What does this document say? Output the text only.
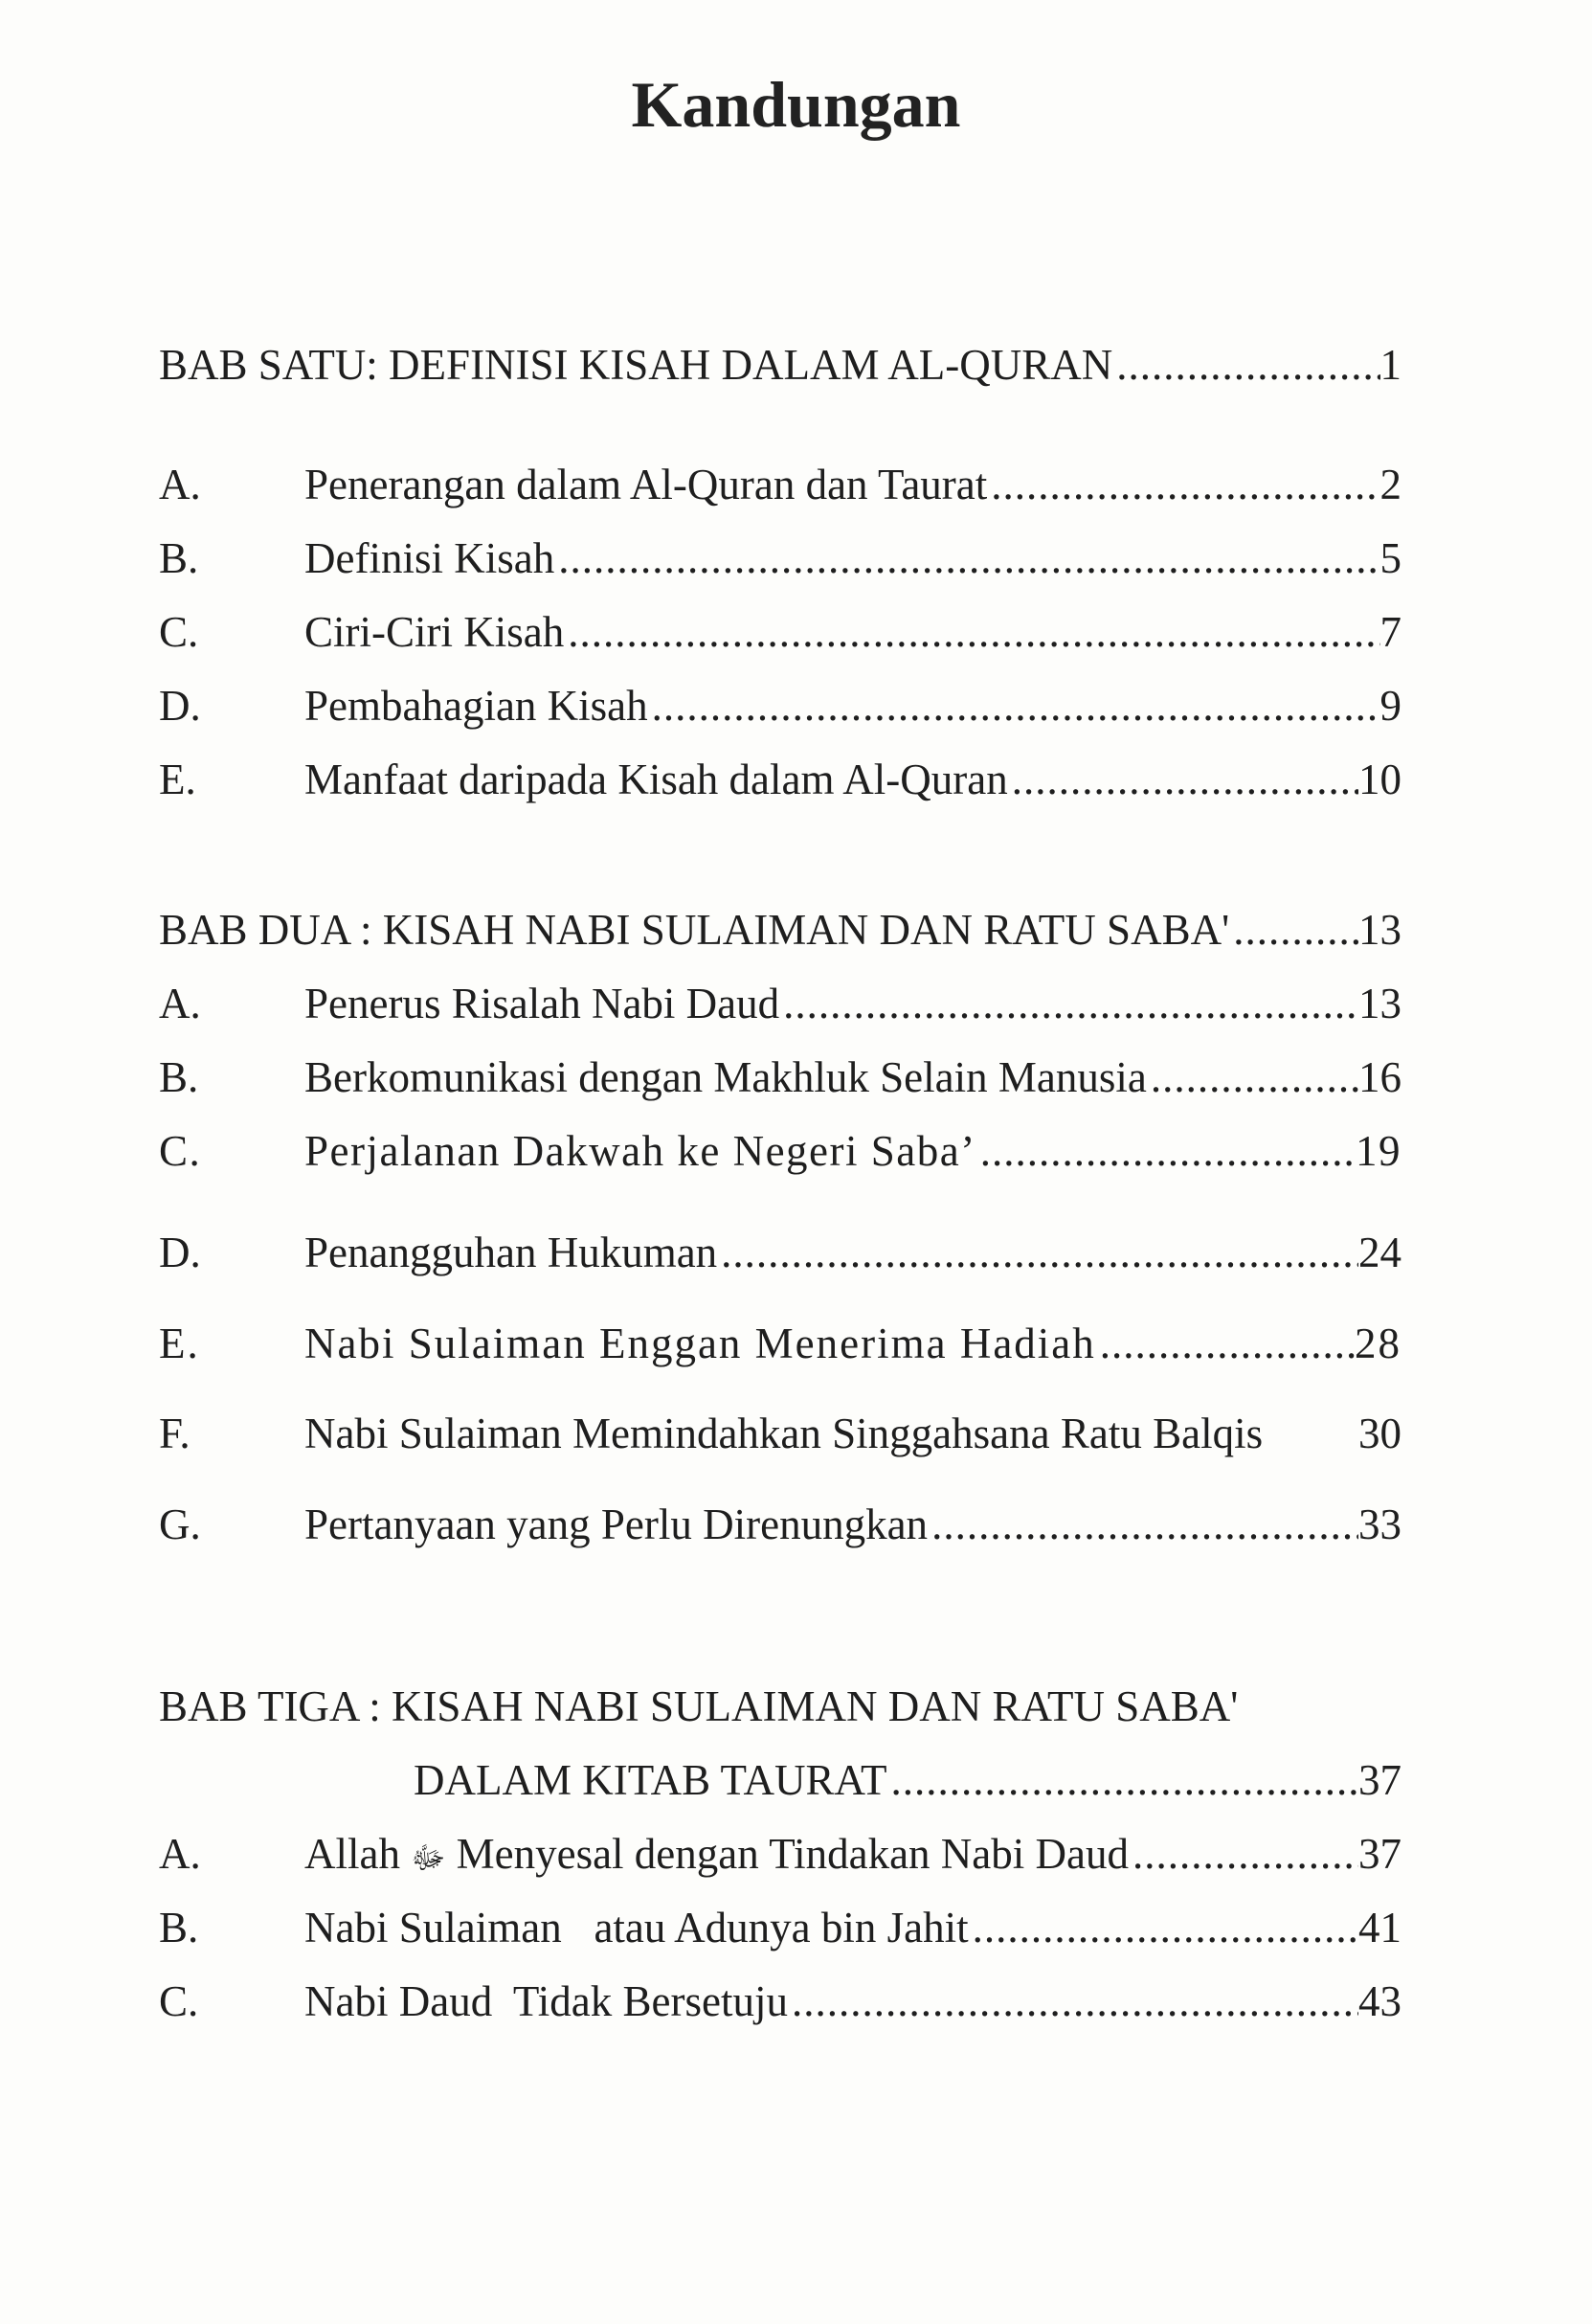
Kandungan
BAB SATU: DEFINISI KISAH DALAM AL-QURAN .....	1
A.	Penerangan dalam Al-Quran dan Taurat .....	2
B.	Definisi Kisah .....	5
C.	Ciri-Ciri Kisah .....	7
D.	Pembahagian Kisah .....	9
E.	Manfaat daripada Kisah dalam Al-Quran .....	10
BAB DUA : KISAH NABI SULAIMAN DAN RATU SABA' .....	13
A.	Penerus Risalah Nabi Daud .....	13
B.	Berkomunikasi dengan Makhluk Selain Manusia .....	16
C.	Perjalanan Dakwah ke Negeri Saba’ .....	19
D.	Penangguhan Hukuman .....	24
E.	Nabi Sulaiman Enggan Menerima Hadiah .....	28
F.	Nabi Sulaiman Memindahkan Singgahsana Ratu Balqis 30
G.	Pertanyaan yang Perlu Direnungkan .....	33
BAB TIGA : KISAH NABI SULAIMAN DAN RATU SABA'
DALAM KITAB TAURAT .....	37
A.	Allah ﷻ Menyesal dengan Tindakan Nabi Daud .....	37
B.	Nabi Sulaiman   atau Adunya bin Jahit .....	41
C.	Nabi Daud  Tidak Bersetuju .....	43
